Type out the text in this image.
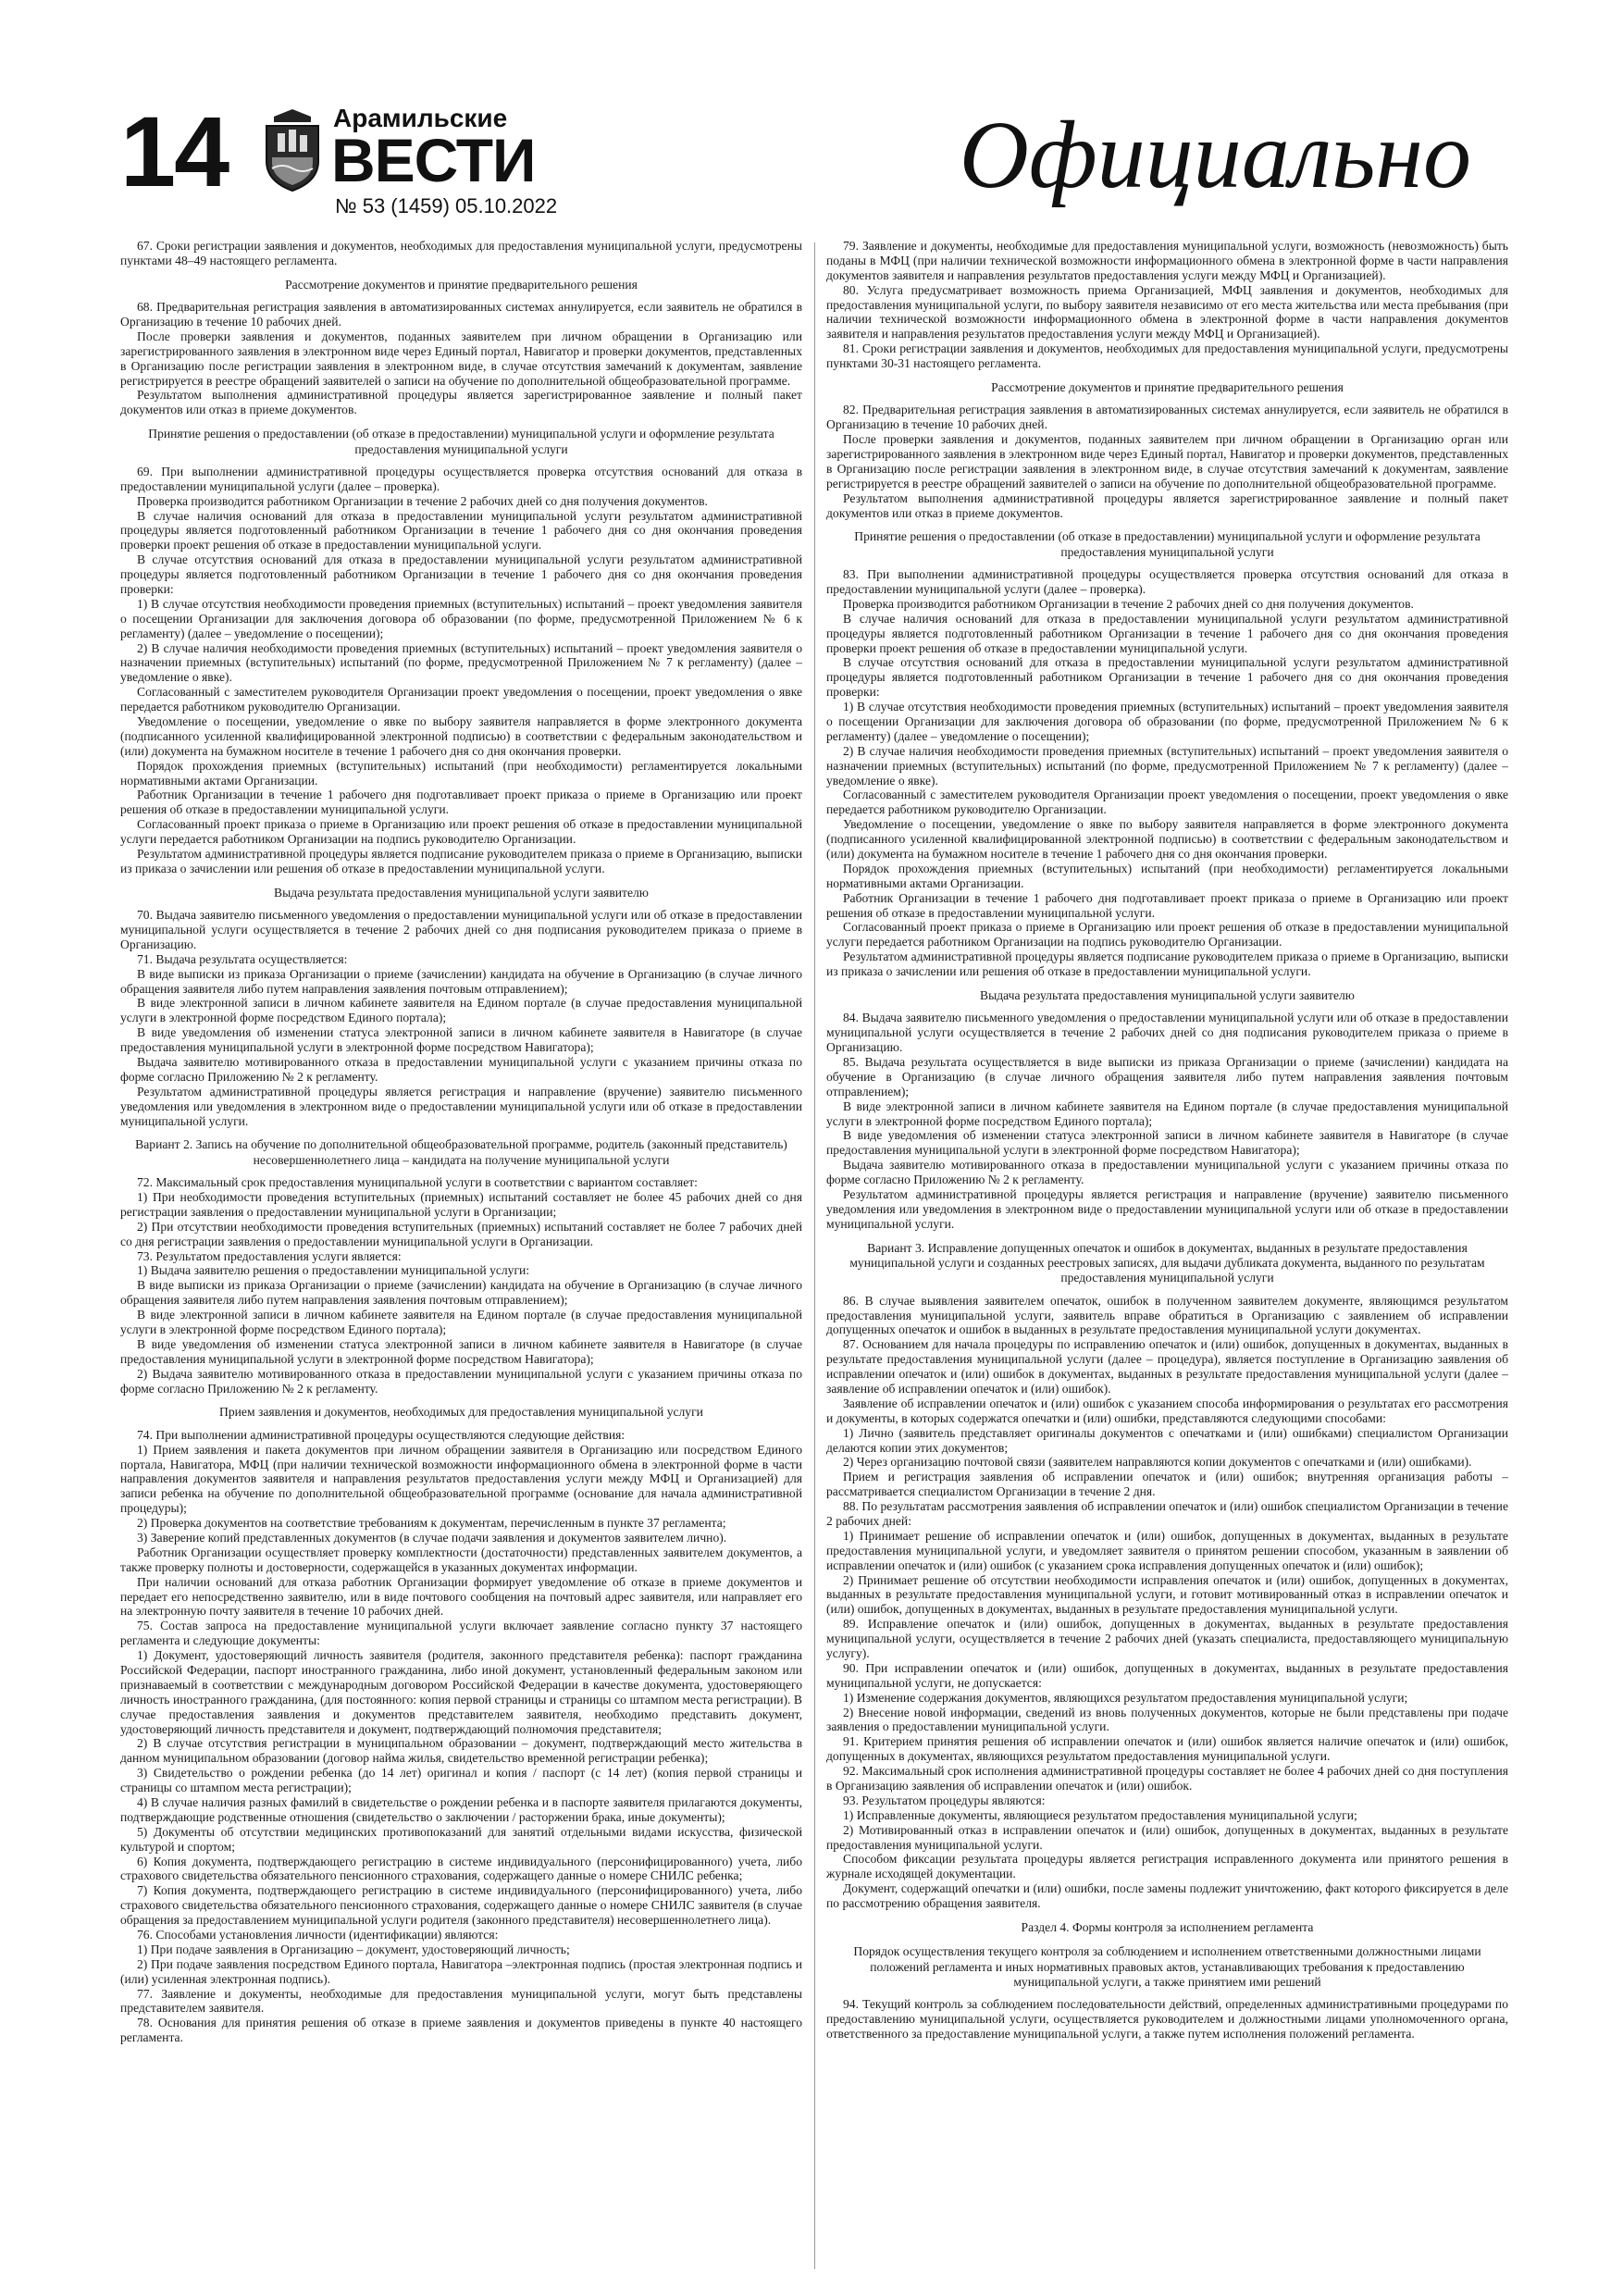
14	Арамильские
ВЕСТИ
№ 53 (1459) 05.10.2022	Официально

67. Сроки регистрации заявления и документов, необходимых для предоставления муниципальной услуги, предусмотрены пунктами 48–49 настоящего регламента.

Рассмотрение документов и принятие предварительного решения

68. Предварительная регистрация заявления в автоматизированных системах аннулируется, если заявитель не обратился в Организацию в течение 10 рабочих дней.

После проверки заявления и документов, поданных заявителем при личном обращении в Организацию или зарегистрированного заявления в электронном виде через Единый портал, Навигатор и проверки документов, представленных в Организацию после регистрации заявления в электронном виде, в случае отсутствия замечаний к документам, заявление регистрируется в реестре обращений заявителей о записи на обучение по дополнительной общеобразовательной программе.

Результатом выполнения административной процедуры является зарегистрированное заявление и полный пакет документов или отказ в приеме документов.

Принятие решения о предоставлении (об отказе в предоставлении) муниципальной услуги и оформление результата предоставления муниципальной услуги

69. При выполнении административной процедуры осуществляется проверка отсутствия оснований для отказа в предоставлении муниципальной услуги (далее – проверка).

Проверка производится работником Организации в течение 2 рабочих дней со дня получения документов.

В случае наличия оснований для отказа в предоставлении муниципальной услуги результатом административной процедуры является подготовленный работником Организации в течение 1 рабочего дня со дня окончания проведения проверки проект решения об отказе в предоставлении муниципальной услуги.

В случае отсутствия оснований для отказа в предоставлении муниципальной услуги результатом административной процедуры является подготовленный работником Организации в течение 1 рабочего дня со дня окончания проведения проверки:

1) В случае отсутствия необходимости проведения приемных (вступительных) испытаний – проект уведомления заявителя о посещении Организации для заключения договора об образовании (по форме, предусмотренной Приложением № 6 к регламенту) (далее – уведомление о посещении);

2) В случае наличия необходимости проведения приемных (вступительных) испытаний – проект уведомления заявителя о назначении приемных (вступительных) испытаний (по форме, предусмотренной Приложением № 7 к регламенту) (далее – уведомление о явке).

Согласованный с заместителем руководителя Организации проект уведомления о посещении, проект уведомления о явке передается работником руководителю Организации.

Уведомление о посещении, уведомление о явке по выбору заявителя направляется в форме электронного документа (подписанного усиленной квалифицированной электронной подписью) в соответствии с федеральным законодательством и (или) документа на бумажном носителе в течение 1 рабочего дня со дня окончания проверки.

Порядок прохождения приемных (вступительных) испытаний (при необходимости) регламентируется локальными нормативными актами Организации.

Работник Организации в течение 1 рабочего дня подготавливает проект приказа о приеме в Организацию или проект решения об отказе в предоставлении муниципальной услуги.

Согласованный проект приказа о приеме в Организацию или проект решения об отказе в предоставлении муниципальной услуги передается работником Организации на подпись руководителю Организации.

Результатом административной процедуры является подписание руководителем приказа о приеме в Организацию, выписки из приказа о зачислении или решения об отказе в предоставлении муниципальной услуги.

Выдача результата предоставления муниципальной услуги заявителю

70. Выдача заявителю письменного уведомления о предоставлении муниципальной услуги или об отказе в предоставлении муниципальной услуги осуществляется в течение 2 рабочих дней со дня подписания руководителем приказа о приеме в Организацию.

71. Выдача результата осуществляется:

В виде выписки из приказа Организации о приеме (зачислении) кандидата на обучение в Организацию (в случае личного обращения заявителя либо путем направления заявления почтовым отправлением);

В виде электронной записи в личном кабинете заявителя на Едином портале (в случае предоставления муниципальной услуги в электронной форме посредством Единого портала);

В виде уведомления об изменении статуса электронной записи в личном кабинете заявителя в Навигаторе (в случае предоставления муниципальной услуги в электронной форме посредством Навигатора);

Выдача заявителю мотивированного отказа в предоставлении муниципальной услуги с указанием причины отказа по форме согласно Приложению № 2 к регламенту.

Результатом административной процедуры является регистрация и направление (вручение) заявителю письменного уведомления или уведомления в электронном виде о предоставлении муниципальной услуги или об отказе в предоставлении муниципальной услуги.

Вариант 2. Запись на обучение по дополнительной общеобразовательной программе, родитель (законный представитель) несовершеннолетнего лица – кандидата на получение муниципальной услуги

72. Максимальный срок предоставления муниципальной услуги в соответствии с вариантом составляет:

1) При необходимости проведения вступительных (приемных) испытаний составляет не более 45 рабочих дней со дня регистрации заявления о предоставлении муниципальной услуги в Организации;

2) При отсутствии необходимости проведения вступительных (приемных) испытаний составляет не более 7 рабочих дней со дня регистрации заявления о предоставлении муниципальной услуги в Организации.

73. Результатом предоставления услуги является:

1) Выдача заявителю решения о предоставлении муниципальной услуги:

В виде выписки из приказа Организации о приеме (зачислении) кандидата на обучение в Организацию (в случае личного обращения заявителя либо путем направления заявления почтовым отправлением);

В виде электронной записи в личном кабинете заявителя на Едином портале (в случае предоставления муниципальной услуги в электронной форме посредством Единого портала);

В виде уведомления об изменении статуса электронной записи в личном кабинете заявителя в Навигаторе (в случае предоставления муниципальной услуги в электронной форме посредством Навигатора);

2) Выдача заявителю мотивированного отказа в предоставлении муниципальной услуги с указанием причины отказа по форме согласно Приложению № 2 к регламенту.

Прием заявления и документов, необходимых для предоставления муниципальной услуги

74. При выполнении административной процедуры осуществляются следующие действия:

1) Прием заявления и пакета документов при личном обращении заявителя в Организацию или посредством Единого портала, Навигатора, МФЦ (при наличии технической возможности информационного обмена в электронной форме в части направления документов заявителя и направления результатов предоставления услуги между МФЦ и Организацией) для записи ребенка на обучение по дополнительной общеобразовательной программе (основание для начала административной процедуры);

2) Проверка документов на соответствие требованиям к документам, перечисленным в пункте 37 регламента;

3) Заверение копий представленных документов (в случае подачи заявления и документов заявителем лично).

Работник Организации осуществляет проверку комплектности (достаточности) представленных заявителем документов, а также проверку полноты и достоверности, содержащейся в указанных документах информации.

При наличии оснований для отказа работник Организации формирует уведомление об отказе в приеме документов и передает его непосредственно заявителю, или в виде почтового сообщения на почтовый адрес заявителя, или направляет его на электронную почту заявителя в течение 10 рабочих дней.

75. Состав запроса на предоставление муниципальной услуги включает заявление согласно пункту 37 настоящего регламента и следующие документы:

1) Документ, удостоверяющий личность заявителя (родителя, законного представителя ребенка): паспорт гражданина Российской Федерации, паспорт иностранного гражданина, либо иной документ, установленный федеральным законом или признаваемый в соответствии с международным договором Российской Федерации в качестве документа, удостоверяющего личность иностранного гражданина, (для постоянного: копия первой страницы и страницы со штампом места регистрации). В случае предоставления заявления и документов представителем заявителя, необходимо представить документ, удостоверяющий личность представителя и документ, подтверждающий полномочия представителя;

2) В случае отсутствия регистрации в муниципальном образовании – документ, подтверждающий место жительства в данном муниципальном образовании (договор найма жилья, свидетельство временной регистрации ребенка);

3) Свидетельство о рождении ребенка (до 14 лет) оригинал и копия / паспорт (с 14 лет) (копия первой страницы и страницы со штампом места регистрации);

4) В случае наличия разных фамилий в свидетельстве о рождении ребенка и в паспорте заявителя прилагаются документы, подтверждающие родственные отношения (свидетельство о заключении / расторжении брака, иные документы);

5) Документы об отсутствии медицинских противопоказаний для занятий отдельными видами искусства, физической культурой и спортом;

6) Копия документа, подтверждающего регистрацию в системе индивидуального (персонифицированного) учета, либо страхового свидетельства обязательного пенсионного страхования, содержащего данные о номере СНИЛС ребенка;

7) Копия документа, подтверждающего регистрацию в системе индивидуального (персонифицированного) учета, либо страхового свидетельства обязательного пенсионного страхования, содержащего данные о номере СНИЛС заявителя (в случае обращения за предоставлением муниципальной услуги родителя (законного представителя) несовершеннолетнего лица).

76. Способами установления личности (идентификации) являются:

1) При подаче заявления в Организацию – документ, удостоверяющий личность;

2) При подаче заявления посредством Единого портала, Навигатора –электронная подпись (простая электронная подпись и (или) усиленная электронная подпись).

77. Заявление и документы, необходимые для предоставления муниципальной услуги, могут быть представлены представителем заявителя.

78. Основания для принятия решения об отказе в приеме заявления и документов приведены в пункте 40 настоящего регламента.

79. Заявление и документы, необходимые для предоставления муниципальной услуги, возможность (невозможность) быть поданы в МФЦ (при наличии технической возможности информационного обмена в электронной форме в части направления документов заявителя и направления результатов предоставления услуги между МФЦ и Организацией).

80. Услуга предусматривает возможность приема Организацией, МФЦ заявления и документов, необходимых для предоставления муниципальной услуги, по выбору заявителя независимо от его места жительства или места пребывания (при наличии технической возможности информационного обмена в электронной форме в части направления документов заявителя и направления результатов предоставления услуги между МФЦ и Организацией).

81. Сроки регистрации заявления и документов, необходимых для предоставления муниципальной услуги, предусмотрены пунктами 30-31 настоящего регламента.

Рассмотрение документов и принятие предварительного решения

82. Предварительная регистрация заявления в автоматизированных системах аннулируется, если заявитель не обратился в Организацию в течение 10 рабочих дней.

После проверки заявления и документов, поданных заявителем при личном обращении в Организацию орган или зарегистрированного заявления в электронном виде через Единый портал, Навигатор и проверки документов, представленных в Организацию после регистрации заявления в электронном виде, в случае отсутствия замечаний к документам, заявление регистрируется в реестре обращений заявителей о записи на обучение по дополнительной общеобразовательной программе.

Результатом выполнения административной процедуры является зарегистрированное заявление и полный пакет документов или отказ в приеме документов.

Принятие решения о предоставлении (об отказе в предоставлении) муниципальной услуги и оформление результата предоставления муниципальной услуги

83. При выполнении административной процедуры осуществляется проверка отсутствия оснований для отказа в предоставлении муниципальной услуги (далее – проверка).

Проверка производится работником Организации в течение 2 рабочих дней со дня получения документов.

В случае наличия оснований для отказа в предоставлении муниципальной услуги результатом административной процедуры является подготовленный работником Организации в течение 1 рабочего дня со дня окончания проведения проверки проект решения об отказе в предоставлении муниципальной услуги.

В случае отсутствия оснований для отказа в предоставлении муниципальной услуги результатом административной процедуры является подготовленный работником Организации в течение 1 рабочего дня со дня окончания проведения проверки:

1) В случае отсутствия необходимости проведения приемных (вступительных) испытаний – проект уведомления заявителя о посещении Организации для заключения договора об образовании (по форме, предусмотренной Приложением № 6 к регламенту) (далее – уведомление о посещении);

2) В случае наличия необходимости проведения приемных (вступительных) испытаний – проект уведомления заявителя о назначении приемных (вступительных) испытаний (по форме, предусмотренной Приложением № 7 к регламенту) (далее – уведомление о явке).

Согласованный с заместителем руководителя Организации проект уведомления о посещении, проект уведомления о явке передается работником руководителю Организации.

Уведомление о посещении, уведомление о явке по выбору заявителя направляется в форме электронного документа (подписанного усиленной квалифицированной электронной подписью) в соответствии с федеральным законодательством и (или) документа на бумажном носителе в течение 1 рабочего дня со дня окончания проверки.

Порядок прохождения приемных (вступительных) испытаний (при необходимости) регламентируется локальными нормативными актами Организации.

Работник Организации в течение 1 рабочего дня подготавливает проект приказа о приеме в Организацию или проект решения об отказе в предоставлении муниципальной услуги.

Согласованный проект приказа о приеме в Организацию или проект решения об отказе в предоставлении муниципальной услуги передается работником Организации на подпись руководителю Организации.

Результатом административной процедуры является подписание руководителем приказа о приеме в Организацию, выписки из приказа о зачислении или решения об отказе в предоставлении муниципальной услуги.

Выдача результата предоставления муниципальной услуги заявителю

84. Выдача заявителю письменного уведомления о предоставлении муниципальной услуги или об отказе в предоставлении муниципальной услуги осуществляется в течение 2 рабочих дней со дня подписания руководителем приказа о приеме в Организацию.

85. Выдача результата осуществляется в виде выписки из приказа Организации о приеме (зачислении) кандидата на обучение в Организацию (в случае личного обращения заявителя либо путем направления заявления почтовым отправлением);

В виде электронной записи в личном кабинете заявителя на Едином портале (в случае предоставления муниципальной услуги в электронной форме посредством Единого портала);

В виде уведомления об изменении статуса электронной записи в личном кабинете заявителя в Навигаторе (в случае предоставления муниципальной услуги в электронной форме посредством Навигатора);

Выдача заявителю мотивированного отказа в предоставлении муниципальной услуги с указанием причины отказа по форме согласно Приложению № 2 к регламенту.

Результатом административной процедуры является регистрация и направление (вручение) заявителю письменного уведомления или уведомления в электронном виде о предоставлении муниципальной услуги или об отказе в предоставлении муниципальной услуги.

Вариант 3. Исправление допущенных опечаток и ошибок в документах, выданных в результате предоставления муниципальной услуги и созданных реестровых записях, для выдачи дубликата документа, выданного по результатам предоставления муниципальной услуги

86. В случае выявления заявителем опечаток, ошибок в полученном заявителем документе, являющимся результатом предоставления муниципальной услуги, заявитель вправе обратиться в Организацию с заявлением об исправлении допущенных опечаток и ошибок в выданных в результате предоставления муниципальной услуги документах.

87. Основанием для начала процедуры по исправлению опечаток и (или) ошибок, допущенных в документах, выданных в результате предоставления муниципальной услуги (далее – процедура), является поступление в Организацию заявления об исправлении опечаток и (или) ошибок в документах, выданных в результате предоставления муниципальной услуги (далее – заявление об исправлении опечаток и (или) ошибок).

Заявление об исправлении опечаток и (или) ошибок с указанием способа информирования о результатах его рассмотрения и документы, в которых содержатся опечатки и (или) ошибки, представляются следующими способами:

1) Лично (заявитель представляет оригиналы документов с опечатками и (или) ошибками) специалистом Организации делаются копии этих документов;

2) Через организацию почтовой связи (заявителем направляются копии документов с опечатками и (или) ошибками).

Прием и регистрация заявления об исправлении опечаток и (или) ошибок; внутренняя организация работы – рассматривается специалистом Организации в течение 2 дня.

88. По результатам рассмотрения заявления об исправлении опечаток и (или) ошибок специалистом Организации в течение 2 рабочих дней:

1) Принимает решение об исправлении опечаток и (или) ошибок, допущенных в документах, выданных в результате предоставления муниципальной услуги, и уведомляет заявителя о принятом решении способом, указанным в заявлении об исправлении опечаток и (или) ошибок (с указанием срока исправления допущенных опечаток и (или) ошибок);

2) Принимает решение об отсутствии необходимости исправления опечаток и (или) ошибок, допущенных в документах, выданных в результате предоставления муниципальной услуги, и готовит мотивированный отказ в исправлении опечаток и (или) ошибок, допущенных в документах, выданных в результате предоставления муниципальной услуги.

89. Исправление опечаток и (или) ошибок, допущенных в документах, выданных в результате предоставления муниципальной услуги, осуществляется в течение 2 рабочих дней (указать специалиста, предоставляющего муниципальную услугу).

90. При исправлении опечаток и (или) ошибок, допущенных в документах, выданных в результате предоставления муниципальной услуги, не допускается:

1) Изменение содержания документов, являющихся результатом предоставления муниципальной услуги;

2) Внесение новой информации, сведений из вновь полученных документов, которые не были представлены при подаче заявления о предоставлении муниципальной услуги.

91. Критерием принятия решения об исправлении опечаток и (или) ошибок является наличие опечаток и (или) ошибок, допущенных в документах, являющихся результатом предоставления муниципальной услуги.

92. Максимальный срок исполнения административной процедуры составляет не более 4 рабочих дней со дня поступления в Организацию заявления об исправлении опечаток и (или) ошибок.

93. Результатом процедуры являются:

1) Исправленные документы, являющиеся результатом предоставления муниципальной услуги;

2) Мотивированный отказ в исправлении опечаток и (или) ошибок, допущенных в документах, выданных в результате предоставления муниципальной услуги.

Способом фиксации результата процедуры является регистрация исправленного документа или принятого решения в журнале исходящей документации.

Документ, содержащий опечатки и (или) ошибки, после замены подлежит уничтожению, факт которого фиксируется в деле по рассмотрению обращения заявителя.

Раздел 4. Формы контроля за исполнением регламента
Порядок осуществления текущего контроля за соблюдением и исполнением ответственными должностными лицами положений регламента и иных нормативных правовых актов, устанавливающих требования к предоставлению муниципальной услуги, а также принятием ими решений

94. Текущий контроль за соблюдением последовательности действий, определенных административными процедурами по предоставлению муниципальной услуги, осуществляется руководителем и должностными лицами уполномоченного органа, ответственного за предоставление муниципальной услуги, а также путем исполнения положений регламента.
